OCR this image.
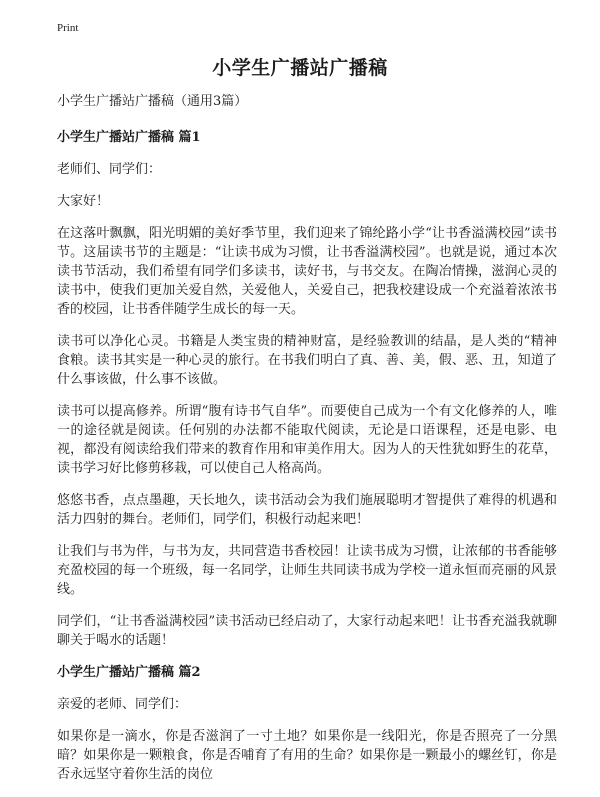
Print
小学生广播站广播稿

小学生广播站广播稿（通用3篇）

小学生广播站广播稿 篇1

老师们、同学们：

大家好！

在这落叶飘飘，阳光明媚的美好季节里，我们迎来了锦纶路小学“让书香溢满校园”读书节。这届读书节的主题是：“让读书成为习惯，让书香溢满校园”。也就是说，通过本次读书节活动，我们希望有同学们多读书，读好书，与书交友。在陶冶情操，滋润心灵的读书中，使我们更加关爱自然，关爱他人，关爱自己，把我校建设成一个充溢着浓浓书香的校园，让书香伴随学生成长的每一天。

读书可以净化心灵。书籍是人类宝贵的精神财富，是经验教训的结晶，是人类的“精神食粮。读书其实是一种心灵的旅行。在书我们明白了真、善、美，假、恶、丑，知道了什么事该做，什么事不该做。

读书可以提高修养。所谓“腹有诗书气自华”。而要使自己成为一个有文化修养的人，唯一的途径就是阅读。任何别的办法都不能取代阅读，无论是口语课程，还是电影、电视，都没有阅读给我们带来的教育作用和审美作用大。因为人的天性犹如野生的花草，读书学习好比修剪移栽，可以使自己人格高尚。

悠悠书香，点点墨趣，天长地久，读书活动会为我们施展聪明才智提供了难得的机遇和活力四射的舞台。老师们，同学们，积极行动起来吧！

让我们与书为伴，与书为友，共同营造书香校园！让读书成为习惯，让浓郁的书香能够充盈校园的每一个班级，每一名同学，让师生共同读书成为学校一道永恒而亮丽的风景线。

同学们，“让书香溢满校园”读书活动已经启动了，大家行动起来吧！让书香充溢我就聊聊关于喝水的话题！

小学生广播站广播稿 篇2

亲爱的老师、同学们：

如果你是一滴水，你是否滋润了一寸土地？如果你是一线阳光，你是否照亮了一分黑暗？如果你是一颗粮食，你是否哺育了有用的生命？如果你是一颗最小的螺丝钉，你是否永远坚守着你生活的岗位
